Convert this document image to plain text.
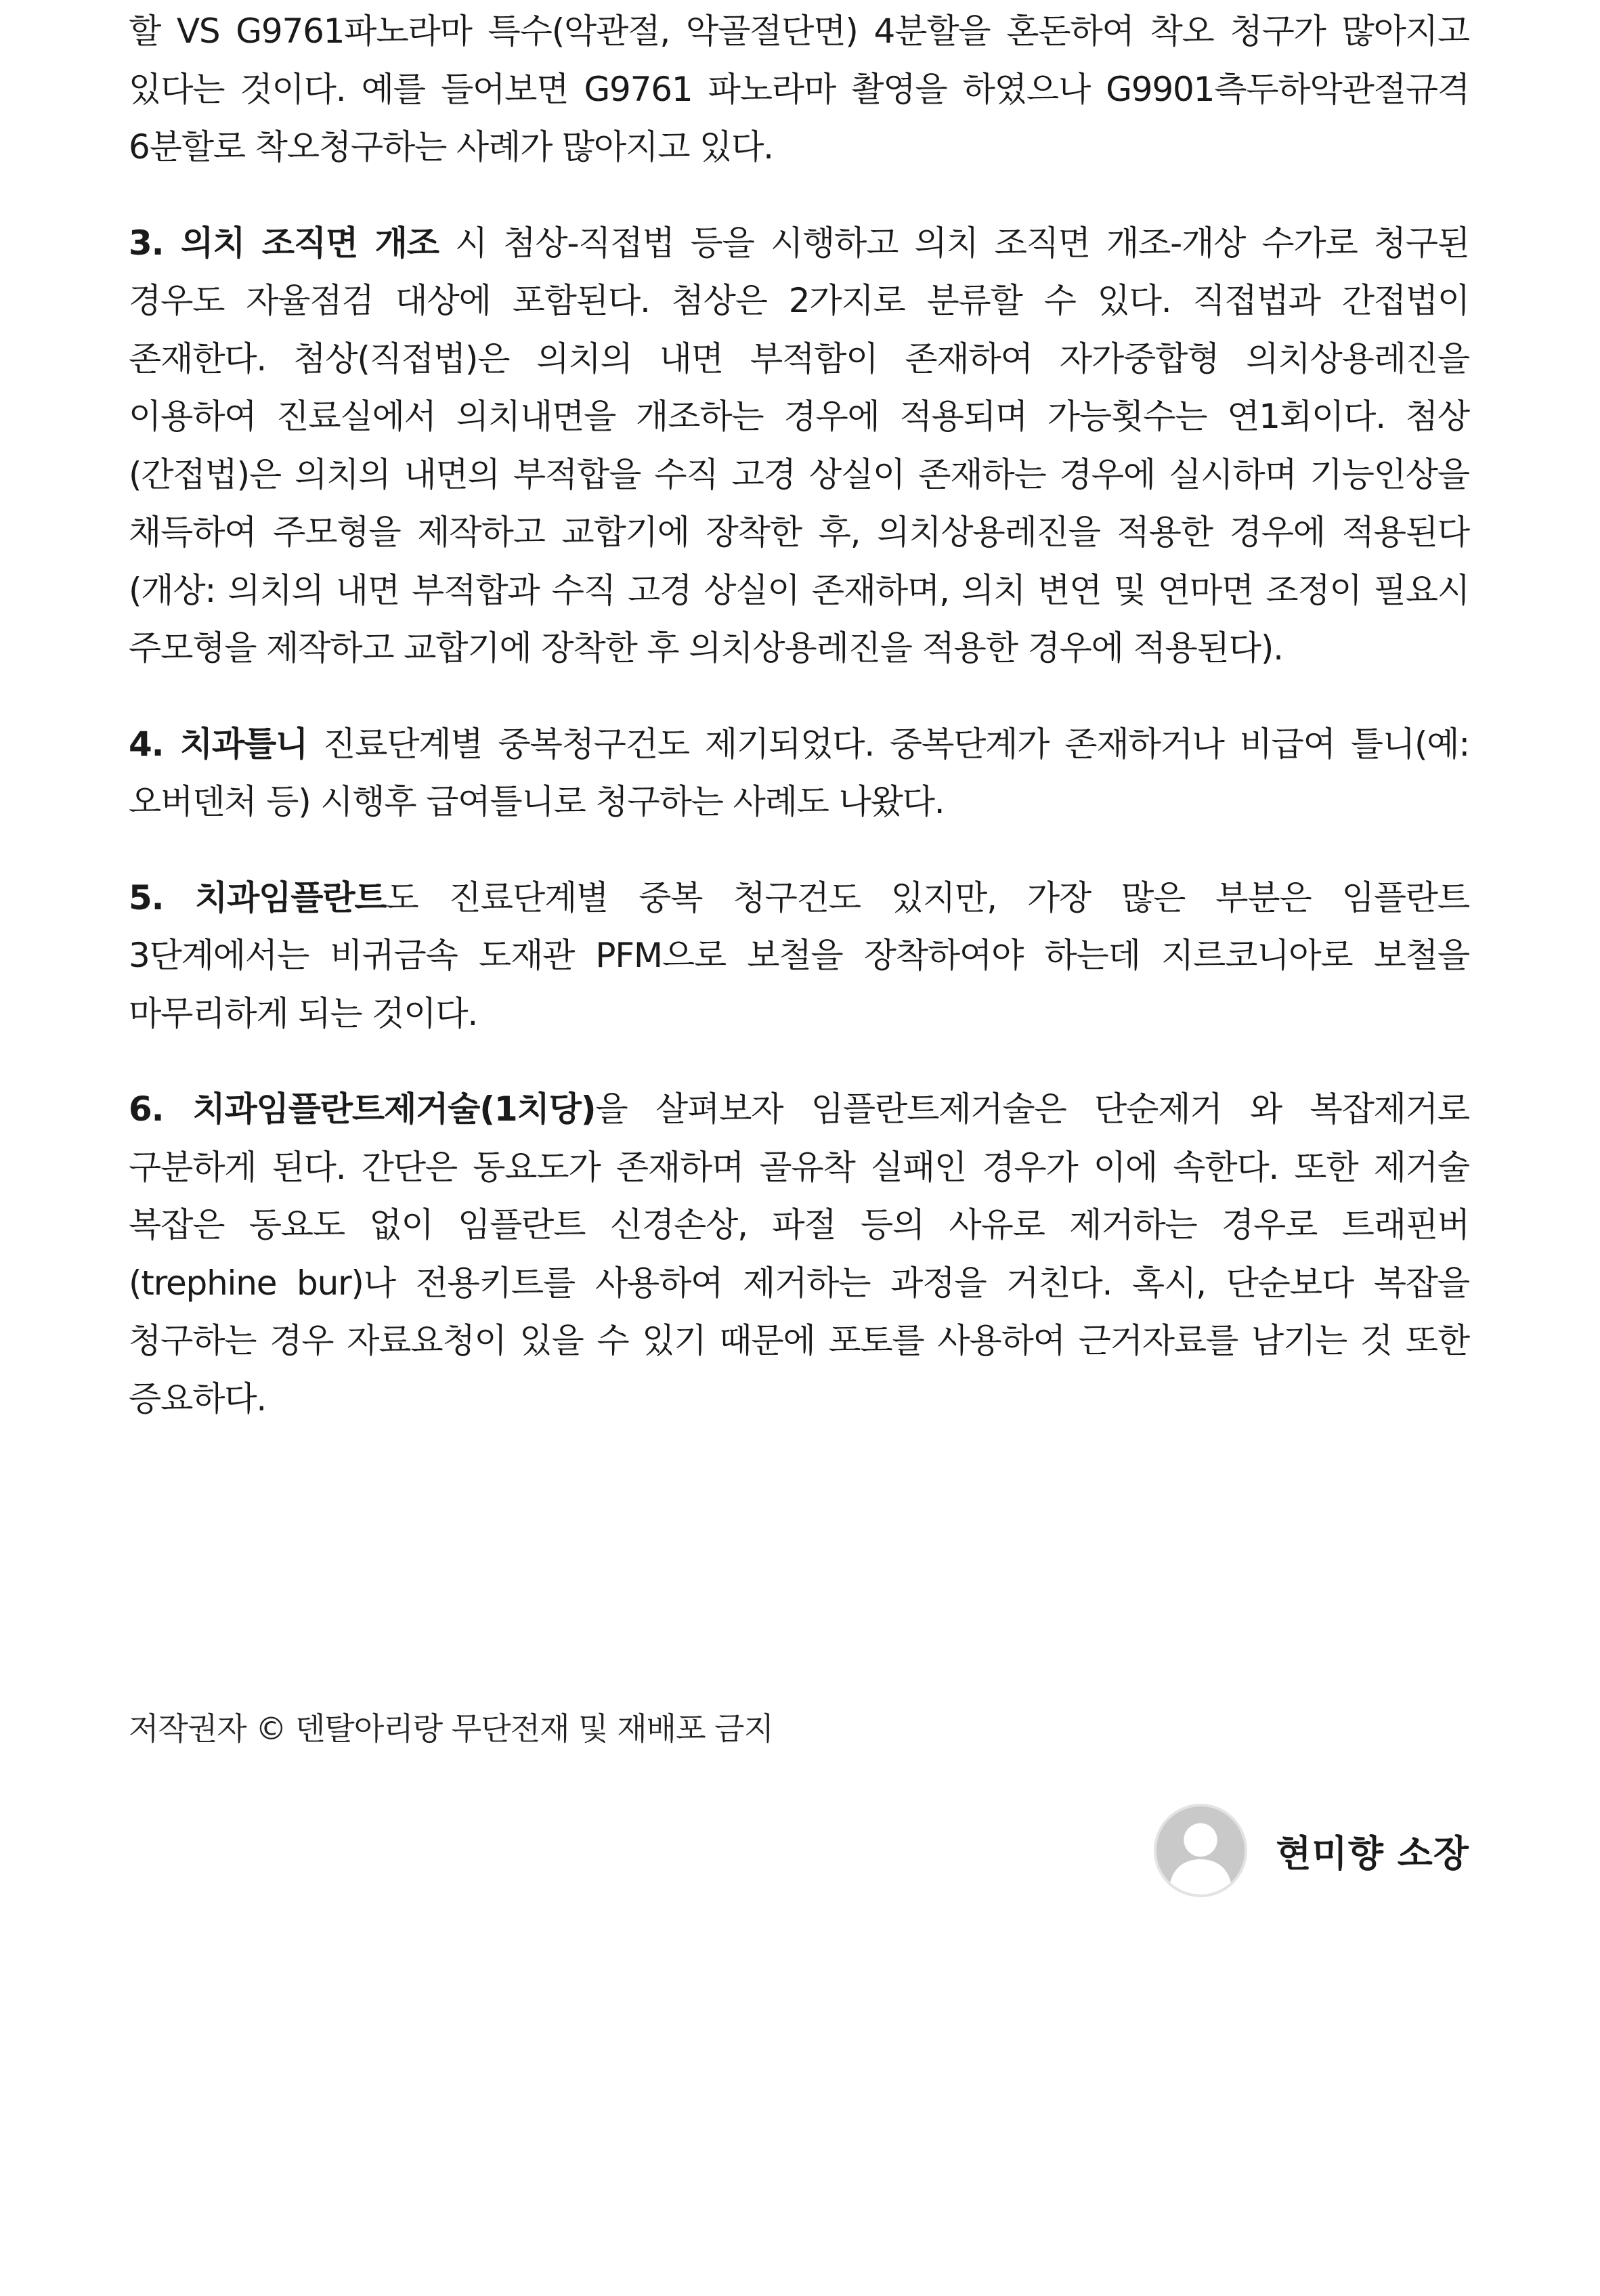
할 VS G9761파노라마 특수(악관절, 악골절단면) 4분할을 혼돈하여 착오 청구가 많아지고 있다는 것이다. 예를 들어보면 G9761 파노라마 촬영을 하였으나 G9901측두하악관절규격 6분할로 착오청구하는 사례가 많아지고 있다.

3. 의치 조직면 개조 시 첨상-직접법 등을 시행하고 의치 조직면 개조-개상 수가로 청구된 경우도 자율점검 대상에 포함된다. 첨상은 2가지로 분류할 수 있다. 직접법과 간접법이 존재한다. 첨상(직접법)은 의치의 내면 부적함이 존재하여 자가중합형 의치상용레진을 이용하여 진료실에서 의치내면을 개조하는 경우에 적용되며 가능횟수는 연1회이다. 첨상(간접법)은 의치의 내면의 부적합을 수직 고경 상실이 존재하는 경우에 실시하며 기능인상을 채득하여 주모형을 제작하고 교합기에 장착한 후, 의치상용레진을 적용한 경우에 적용된다(개상: 의치의 내면 부적합과 수직 고경 상실이 존재하며, 의치 변연 및 연마면 조정이 필요시 주모형을 제작하고 교합기에 장착한 후 의치상용레진을 적용한 경우에 적용된다).

4. 치과틀니 진료단계별 중복청구건도 제기되었다. 중복단계가 존재하거나 비급여 틀니(예:오버덴처 등) 시행후 급여틀니로 청구하는 사례도 나왔다.

5. 치과임플란트도 진료단계별 중복 청구건도 있지만, 가장 많은 부분은 임플란트 3단계에서는 비귀금속 도재관 PFM으로 보철을 장착하여야 하는데 지르코니아로 보철을 마무리하게 되는 것이다.

6. 치과임플란트제거술(1치당)을 살펴보자 임플란트제거술은 단순제거 와 복잡제거로 구분하게 된다. 간단은 동요도가 존재하며 골유착 실패인 경우가 이에 속한다. 또한 제거술 복잡은 동요도 없이 임플란트 신경손상, 파절 등의 사유로 제거하는 경우로 트래핀버(trephine bur)나 전용키트를 사용하여 제거하는 과정을 거친다. 혹시, 단순보다 복잡을 청구하는 경우 자료요청이 있을 수 있기 때문에 포토를 사용하여 근거자료를 남기는 것 또한 증요하다.

저작권자 © 덴탈아리랑 무단전재 및 재배포 금지
현미향 소장
